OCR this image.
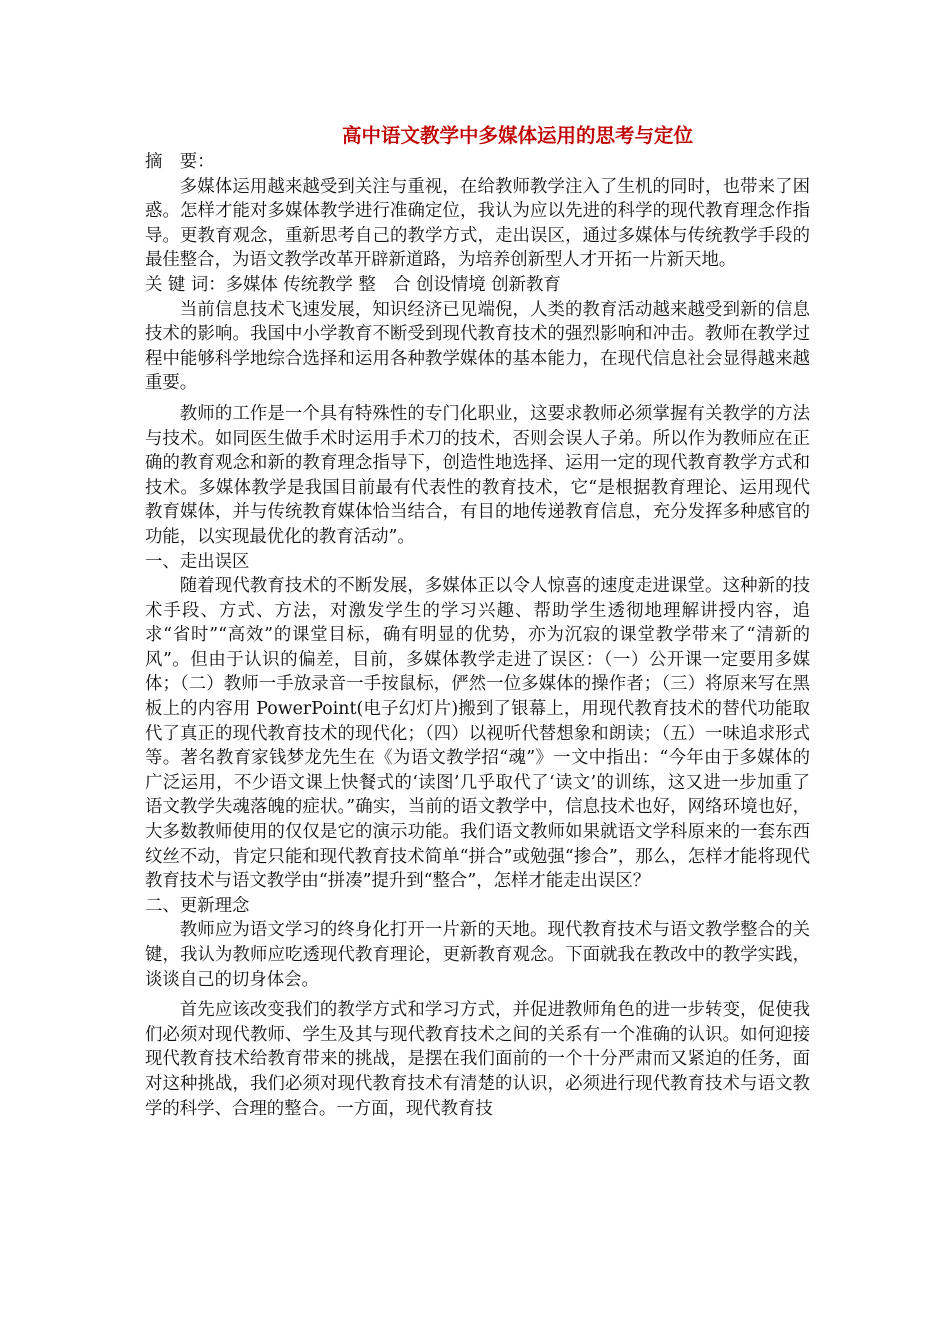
高中语文教学中多媒体运用的思考与定位

摘　要：

多媒体运用越来越受到关注与重视，在给教师教学注入了生机的同时，也带来了困惑。怎样才能对多媒体教学进行准确定位，我认为应以先进的科学的现代教育理念作指导。更教育观念，重新思考自己的教学方式，走出误区，通过多媒体与传统教学手段的最佳整合，为语文教学改革开辟新道路，为培养创新型人才开拓一片新天地。

关 键 词：多媒体 传统教学 整　合 创设情境 创新教育

当前信息技术飞速发展，知识经济已见端倪，人类的教育活动越来越受到新的信息技术的影响。我国中小学教育不断受到现代教育技术的强烈影响和冲击。教师在教学过程中能够科学地综合选择和运用各种教学媒体的基本能力，在现代信息社会显得越来越重要。

教师的工作是一个具有特殊性的专门化职业，这要求教师必须掌握有关教学的方法与技术。如同医生做手术时运用手术刀的技术，否则会误人子弟。所以作为教师应在正确的教育观念和新的教育理念指导下，创造性地选择、运用一定的现代教育教学方式和技术。多媒体教学是我国目前最有代表性的教育技术，它“是根据教育理论、运用现代教育媒体，并与传统教育媒体恰当结合，有目的地传递教育信息，充分发挥多种感官的功能，以实现最优化的教育活动”。

一、走出误区

随着现代教育技术的不断发展，多媒体正以令人惊喜的速度走进课堂。这种新的技术手段、方式、方法，对激发学生的学习兴趣、帮助学生透彻地理解讲授内容，追求“省时”“高效”的课堂目标，确有明显的优势，亦为沉寂的课堂教学带来了“清新的风”。但由于认识的偏差，目前，多媒体教学走进了误区：（一）公开课一定要用多媒体；（二）教师一手放录音一手按鼠标，俨然一位多媒体的操作者；（三）将原来写在黑板上的内容用 PowerPoint(电子幻灯片)搬到了银幕上，用现代教育技术的替代功能取代了真正的现代教育技术的现代化；（四）以视听代替想象和朗读；（五）一味追求形式等。著名教育家钱梦龙先生在《为语文教学招“魂”》一文中指出：“今年由于多媒体的广泛运用，不少语文课上快餐式的‘读图’几乎取代了‘读文’的训练，这又进一步加重了语文教学失魂落魄的症状。”确实，当前的语文教学中，信息技术也好，网络环境也好，大多数教师使用的仅仅是它的演示功能。我们语文教师如果就语文学科原来的一套东西纹丝不动，肯定只能和现代教育技术简单“拼合”或勉强“掺合”，那么，怎样才能将现代教育技术与语文教学由“拼凑”提升到“整合”，怎样才能走出误区？

二、更新理念

教师应为语文学习的终身化打开一片新的天地。现代教育技术与语文教学整合的关键，我认为教师应吃透现代教育理论，更新教育观念。下面就我在教改中的教学实践，谈谈自己的切身体会。

首先应该改变我们的教学方式和学习方式，并促进教师角色的进一步转变，促使我们必须对现代教师、学生及其与现代教育技术之间的关系有一个准确的认识。如何迎接现代教育技术给教育带来的挑战，是摆在我们面前的一个十分严肃而又紧迫的任务，面对这种挑战，我们必须对现代教育技术有清楚的认识，必须进行现代教育技术与语文教学的科学、合理的整合。一方面，现代教育技
